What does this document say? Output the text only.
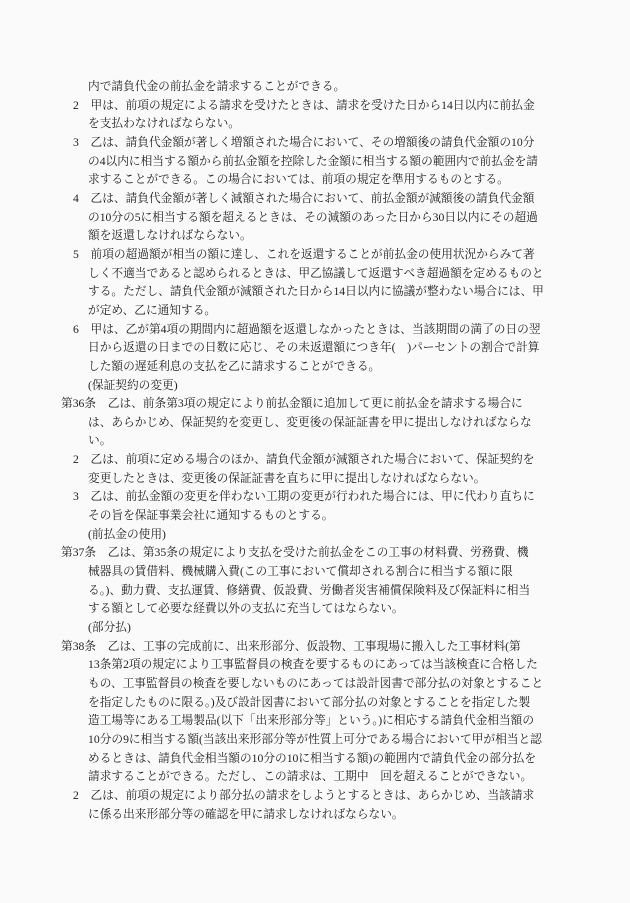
内で請負代金の前払金を請求することができる。
2　甲は、前項の規定による請求を受けたときは、請求を受けた日から14日以内に前払金
を支払わなければならない。
3　乙は、請負代金額が著しく増額された場合において、その増額後の請負代金額の10分
の4以内に相当する額から前払金額を控除した金額に相当する額の範囲内で前払金を請
求することができる。この場合においては、前項の規定を準用するものとする。
4　乙は、請負代金額が著しく減額された場合において、前払金額が減額後の請負代金額
の10分の5に相当する額を超えるときは、その減額のあった日から30日以内にその超過
額を返還しなければならない。
5　前項の超過額が相当の額に達し、これを返還することが前払金の使用状況からみて著
しく不適当であると認められるときは、甲乙協議して返還すべき超過額を定めるものと
する。ただし、請負代金額が減額された日から14日以内に協議が整わない場合には、甲
が定め、乙に通知する。
6　甲は、乙が第4項の期間内に超過額を返還しなかったときは、当該期間の満了の日の翌
日から返還の日までの日数に応じ、その未返還額につき年(　)パーセントの割合で計算
した額の遅延利息の支払を乙に請求することができる。
(保証契約の変更)
第36条　乙は、前条第3項の規定により前払金額に追加して更に前払金を請求する場合に
は、あらかじめ、保証契約を変更し、変更後の保証証書を甲に提出しなければならな
い。
2　乙は、前項に定める場合のほか、請負代金額が減額された場合において、保証契約を
変更したときは、変更後の保証証書を直ちに甲に提出しなければならない。
3　乙は、前払金額の変更を伴わない工期の変更が行われた場合には、甲に代わり直ちに
その旨を保証事業会社に通知するものとする。
(前払金の使用)
第37条　乙は、第35条の規定により支払を受けた前払金をこの工事の材料費、労務費、機
械器具の賃借料、機械購入費(この工事において償却される割合に相当する額に限
る。)、動力費、支払運賃、修繕費、仮設費、労働者災害補償保険料及び保証料に相当
する額として必要な経費以外の支払に充当してはならない。
(部分払)
第38条　乙は、工事の完成前に、出来形部分、仮設物、工事現場に搬入した工事材料(第
13条第2項の規定により工事監督員の検査を要するものにあっては当該検査に合格した
もの、工事監督員の検査を要しないものにあっては設計図書で部分払の対象とすること
を指定したものに限る。)及び設計図書において部分払の対象とすることを指定した製
造工場等にある工場製品(以下「出来形部分等」という。)に相応する請負代金相当額の
10分の9に相当する額(当該出来形部分等が性質上可分である場合において甲が相当と認
めるときは、請負代金相当額の10分の10に相当する額)の範囲内で請負代金の部分払を
請求することができる。ただし、この請求は、工期中　回を超えることができない。
2　乙は、前項の規定により部分払の請求をしようとするときは、あらかじめ、当該請求
に係る出来形部分等の確認を甲に請求しなければならない。
